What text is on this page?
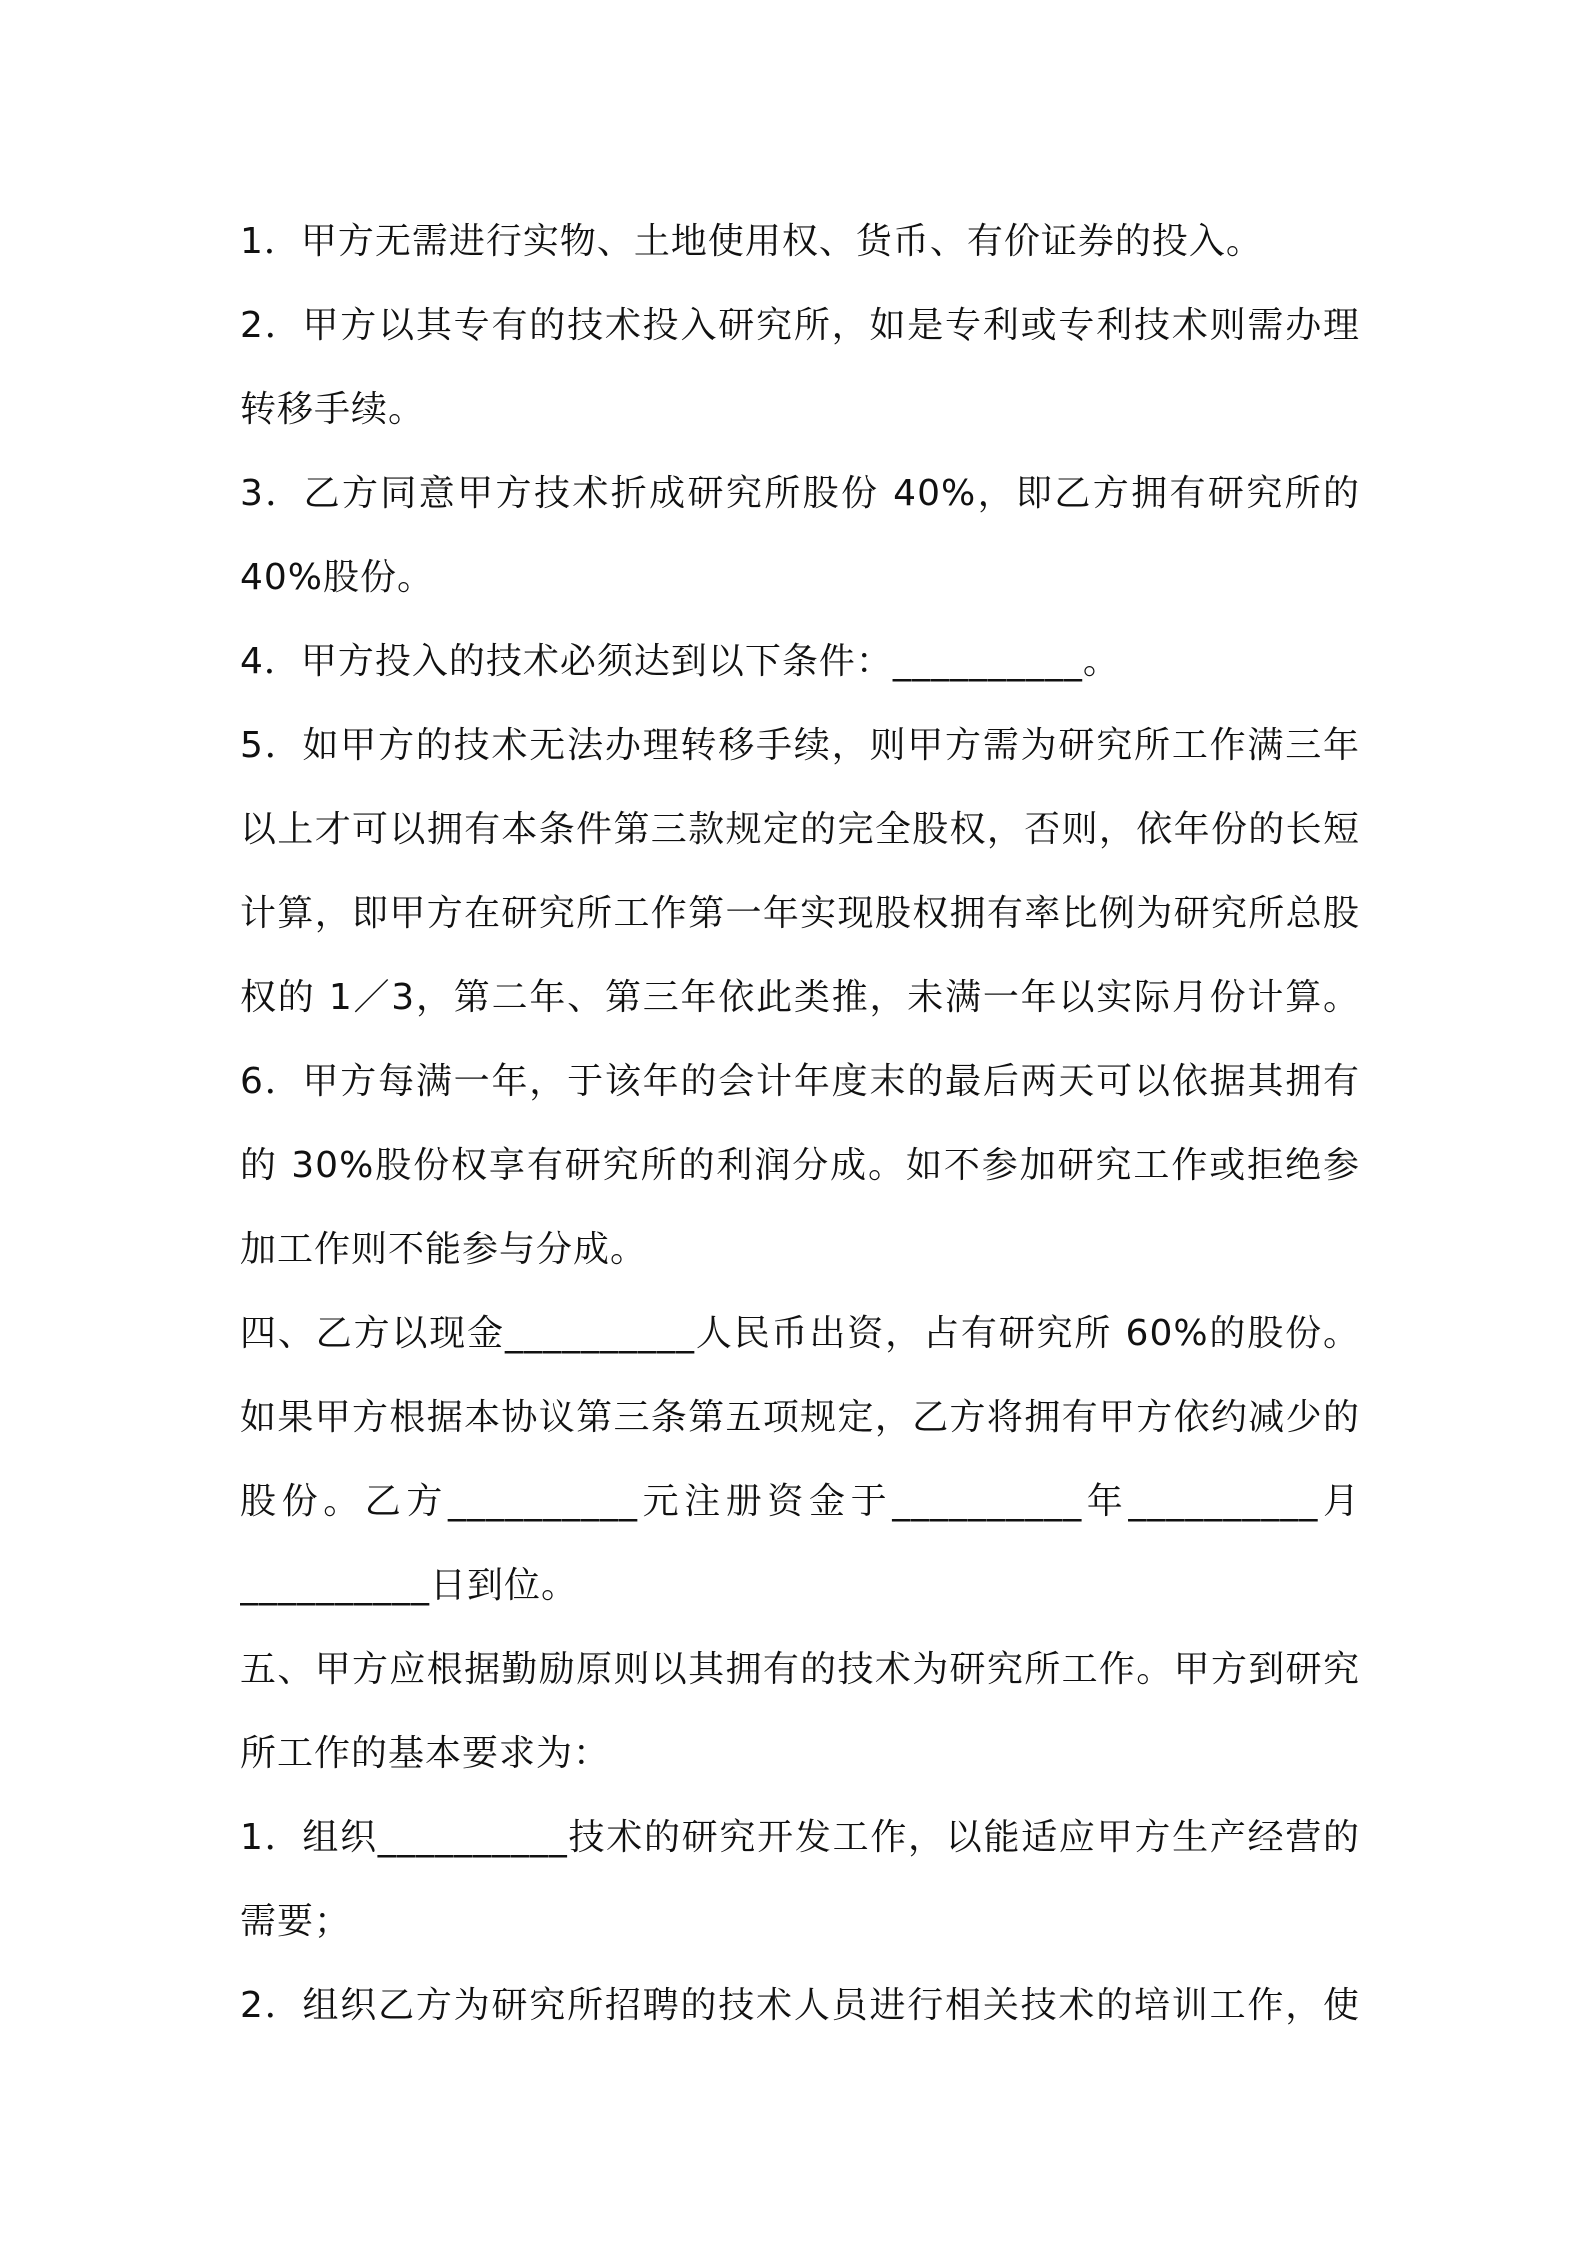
1．甲方无需进行实物、土地使用权、货币、有价证券的投入。
2．甲方以其专有的技术投入研究所，如是专利或专利技术则需办理
转移手续。
3．乙方同意甲方技术折成研究所股份 40%，即乙方拥有研究所的
40%股份。
4．甲方投入的技术必须达到以下条件：__________。
5．如甲方的技术无法办理转移手续，则甲方需为研究所工作满三年
以上才可以拥有本条件第三款规定的完全股权，否则，依年份的长短
计算，即甲方在研究所工作第一年实现股权拥有率比例为研究所总股
权的 1／3，第二年、第三年依此类推，未满一年以实际月份计算。
6．甲方每满一年，于该年的会计年度末的最后两天可以依据其拥有
的 30%股份权享有研究所的利润分成。如不参加研究工作或拒绝参
加工作则不能参与分成。
四、乙方以现金__________人民币出资，占有研究所 60%的股份。
如果甲方根据本协议第三条第五项规定，乙方将拥有甲方依约减少的
股份。乙方__________元注册资金于__________年__________月
__________日到位。
五、甲方应根据勤励原则以其拥有的技术为研究所工作。甲方到研究
所工作的基本要求为：
1．组织__________技术的研究开发工作，以能适应甲方生产经营的
需要；
2．组织乙方为研究所招聘的技术人员进行相关技术的培训工作，使
